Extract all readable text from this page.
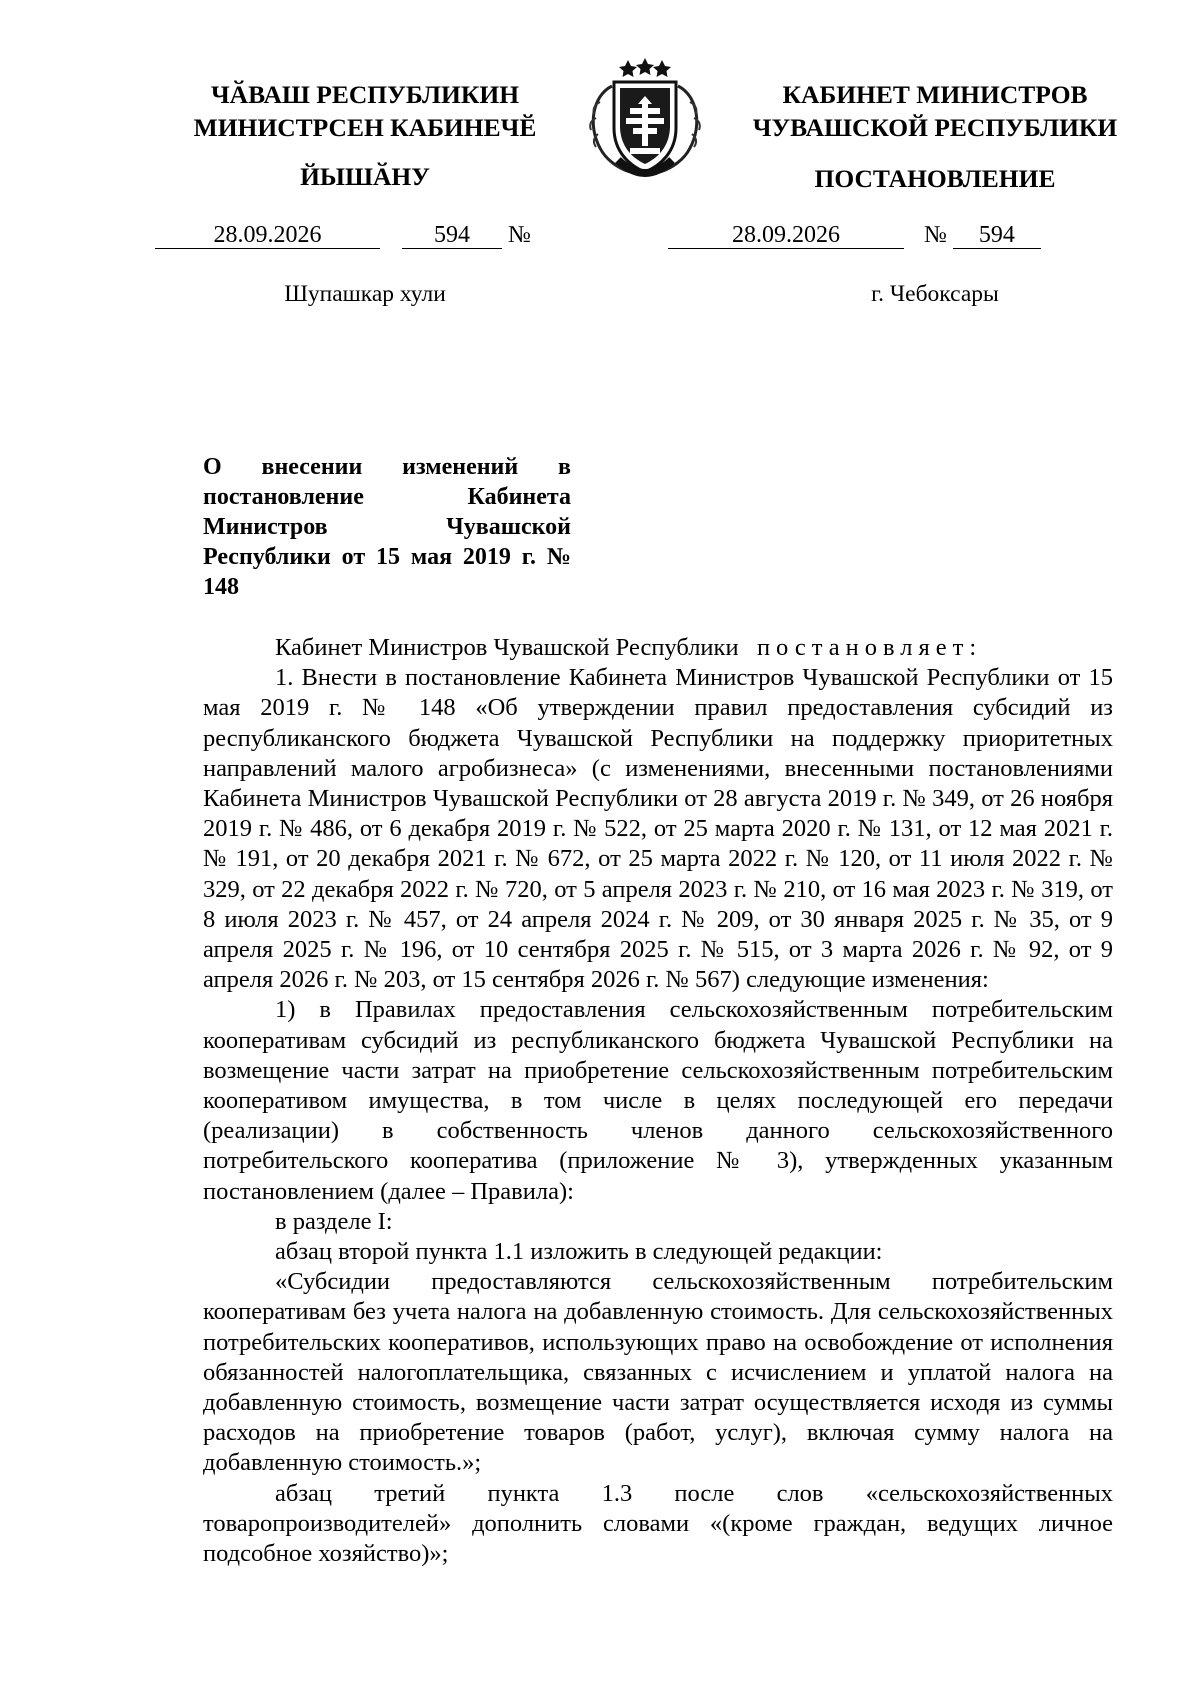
ЧӐВАШ РЕСПУБЛИКИН
МИНИСТРСЕН КАБИНЕЧӖ
ЙЫШӐНУ
КАБИНЕТ МИНИСТРОВ
ЧУВАШСКОЙ РЕСПУБЛИКИ
ПОСТАНОВЛЕНИЕ
28.09.2026	594 №	28.09.2026	№ 594
Шупашкар хули	г. Чебоксары
О внесении изменений в постановление Кабинета Министров Чувашской Республики от 15 мая 2019 г. № 148

Кабинет Министров Чувашской Республики постановляет:

1. Внести в постановление Кабинета Министров Чувашской Республики от 15 мая 2019 г. № 148 «Об утверждении правил предоставления субсидий из республиканского бюджета Чувашской Республики на поддержку приоритетных направлений малого агробизнеса» (с изменениями, внесенными постановлениями Кабинета Министров Чувашской Республики от 28 августа 2019 г. № 349, от 26 ноября 2019 г. № 486, от 6 декабря 2019 г. № 522, от 25 марта 2020 г. № 131, от 12 мая 2021 г. № 191, от 20 декабря 2021 г. № 672, от 25 марта 2022 г. № 120, от 11 июля 2022 г. № 329, от 22 декабря 2022 г. № 720, от 5 апреля 2023 г. № 210, от 16 мая 2023 г. № 319, от 8 июля 2023 г. № 457, от 24 апреля 2024 г. № 209, от 30 января 2025 г. № 35, от 9 апреля 2025 г. № 196, от 10 сентября 2025 г. № 515, от 3 марта 2026 г. № 92, от 9 апреля 2026 г. № 203, от 15 сентября 2026 г. № 567) следующие изменения:

1) в Правилах предоставления сельскохозяйственным потребительским кооперативам субсидий из республиканского бюджета Чувашской Республики на возмещение части затрат на приобретение сельскохозяйственным потребительским кооперативом имущества, в том числе в целях последующей его передачи (реализации) в собственность членов данного сельскохозяйственного потребительского кооператива (приложение № 3), утвержденных указанным постановлением (далее – Правила):

в разделе I:

абзац второй пункта 1.1 изложить в следующей редакции:

«Субсидии предоставляются сельскохозяйственным потребительским кооперативам без учета налога на добавленную стоимость. Для сельскохозяйственных потребительских кооперативов, использующих право на освобождение от исполнения обязанностей налогоплательщика, связанных с исчислением и уплатой налога на добавленную стоимость, возмещение части затрат осуществляется исходя из суммы расходов на приобретение товаров (работ, услуг), включая сумму налога на добавленную стоимость.»;

абзац третий пункта 1.3 после слов «сельскохозяйственных товаропроизводителей» дополнить словами «(кроме граждан, ведущих личное подсобное хозяйство)»;
